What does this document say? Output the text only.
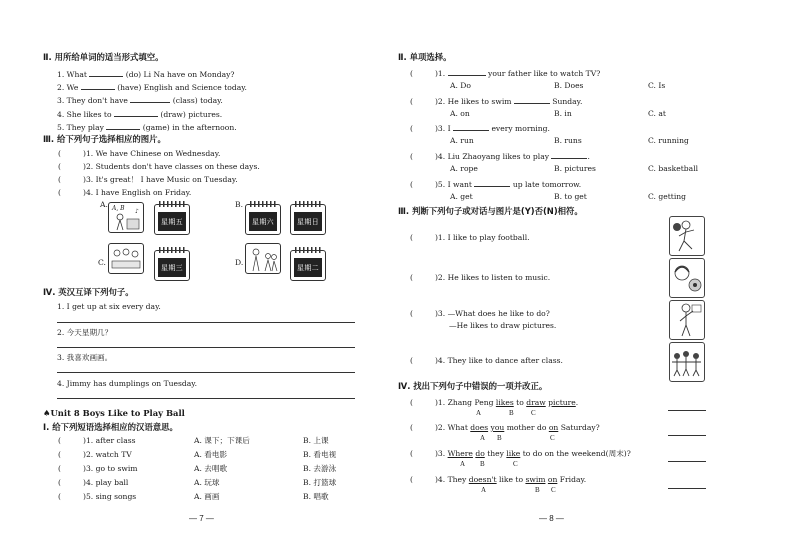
Ⅱ. 用所给单词的适当形式填空。
1. What	(do) Li Na have on Monday?
2. We	(have) English and Science today.
3. They don't have	(class) today.
4. She likes to	(draw) pictures.
5. They play	(game) in the afternoon.
Ⅲ. 给下列句子选择相应的图片。
(	)1. We have Chinese on Wednesday.
(	)2. Students don't have classes on these days.
(	)3. It's great！ I have Music on Tuesday.
(	)4. I have English on Friday.
A. A, B ♪
星期五
B.
星期六	星期日
C.
星期三
D.
星期二
Ⅳ. 英汉互译下列句子。
1. I get up at six every day.
2. 今天星期几？
3. 我喜欢画画。
4. Jimmy has dumplings on Tuesday.
♠Unit 8 Boys Like to Play Ball
Ⅰ. 给下列短语选择相应的汉语意思。
(	)1. after class	A. 课下；下课后	B. 上课
(	)2. watch TV	A. 看电影	B. 看电视
(	)3. go to swim	A. 去唱歌	B. 去游泳
(	)4. play ball	A. 玩球	B. 打篮球
(	)5. sing songs	A. 画画	B. 唱歌
— 7 —
Ⅱ. 单项选择。
(	)1.	your father like to watch TV?
A. Do	B. Does	C. Is
(	)2. He likes to swim	Sunday.
A. on	B. in	C. at
(	)3. I	every morning.
A. run	B. runs	C. running
(	)4. Liu Zhaoyang likes to play	.
A. rope	B. pictures	C. basketball
(	)5. I want	up late tomorrow.
A. get	B. to get	C. getting
Ⅲ. 判断下列句子或对话与图片是(Y)否(N)相符。
(	)1. I like to play football.
(	)2. He likes to listen to music.
(	)3. —What does he like to do?
—He likes to draw pictures.
(	)4. They like to dance after class.
Ⅳ. 找出下列句子中错误的一项并改正。
(	)1. Zhang Peng likes to draw picture.
A	B C
(	)2. What does you mother do on Saturday?
A B	C
(	)3. Where do they like to do on the weekend(周末)?
A B	C
(	)4. They doesn't like to swim on Friday.
A	B C
— 8 —
